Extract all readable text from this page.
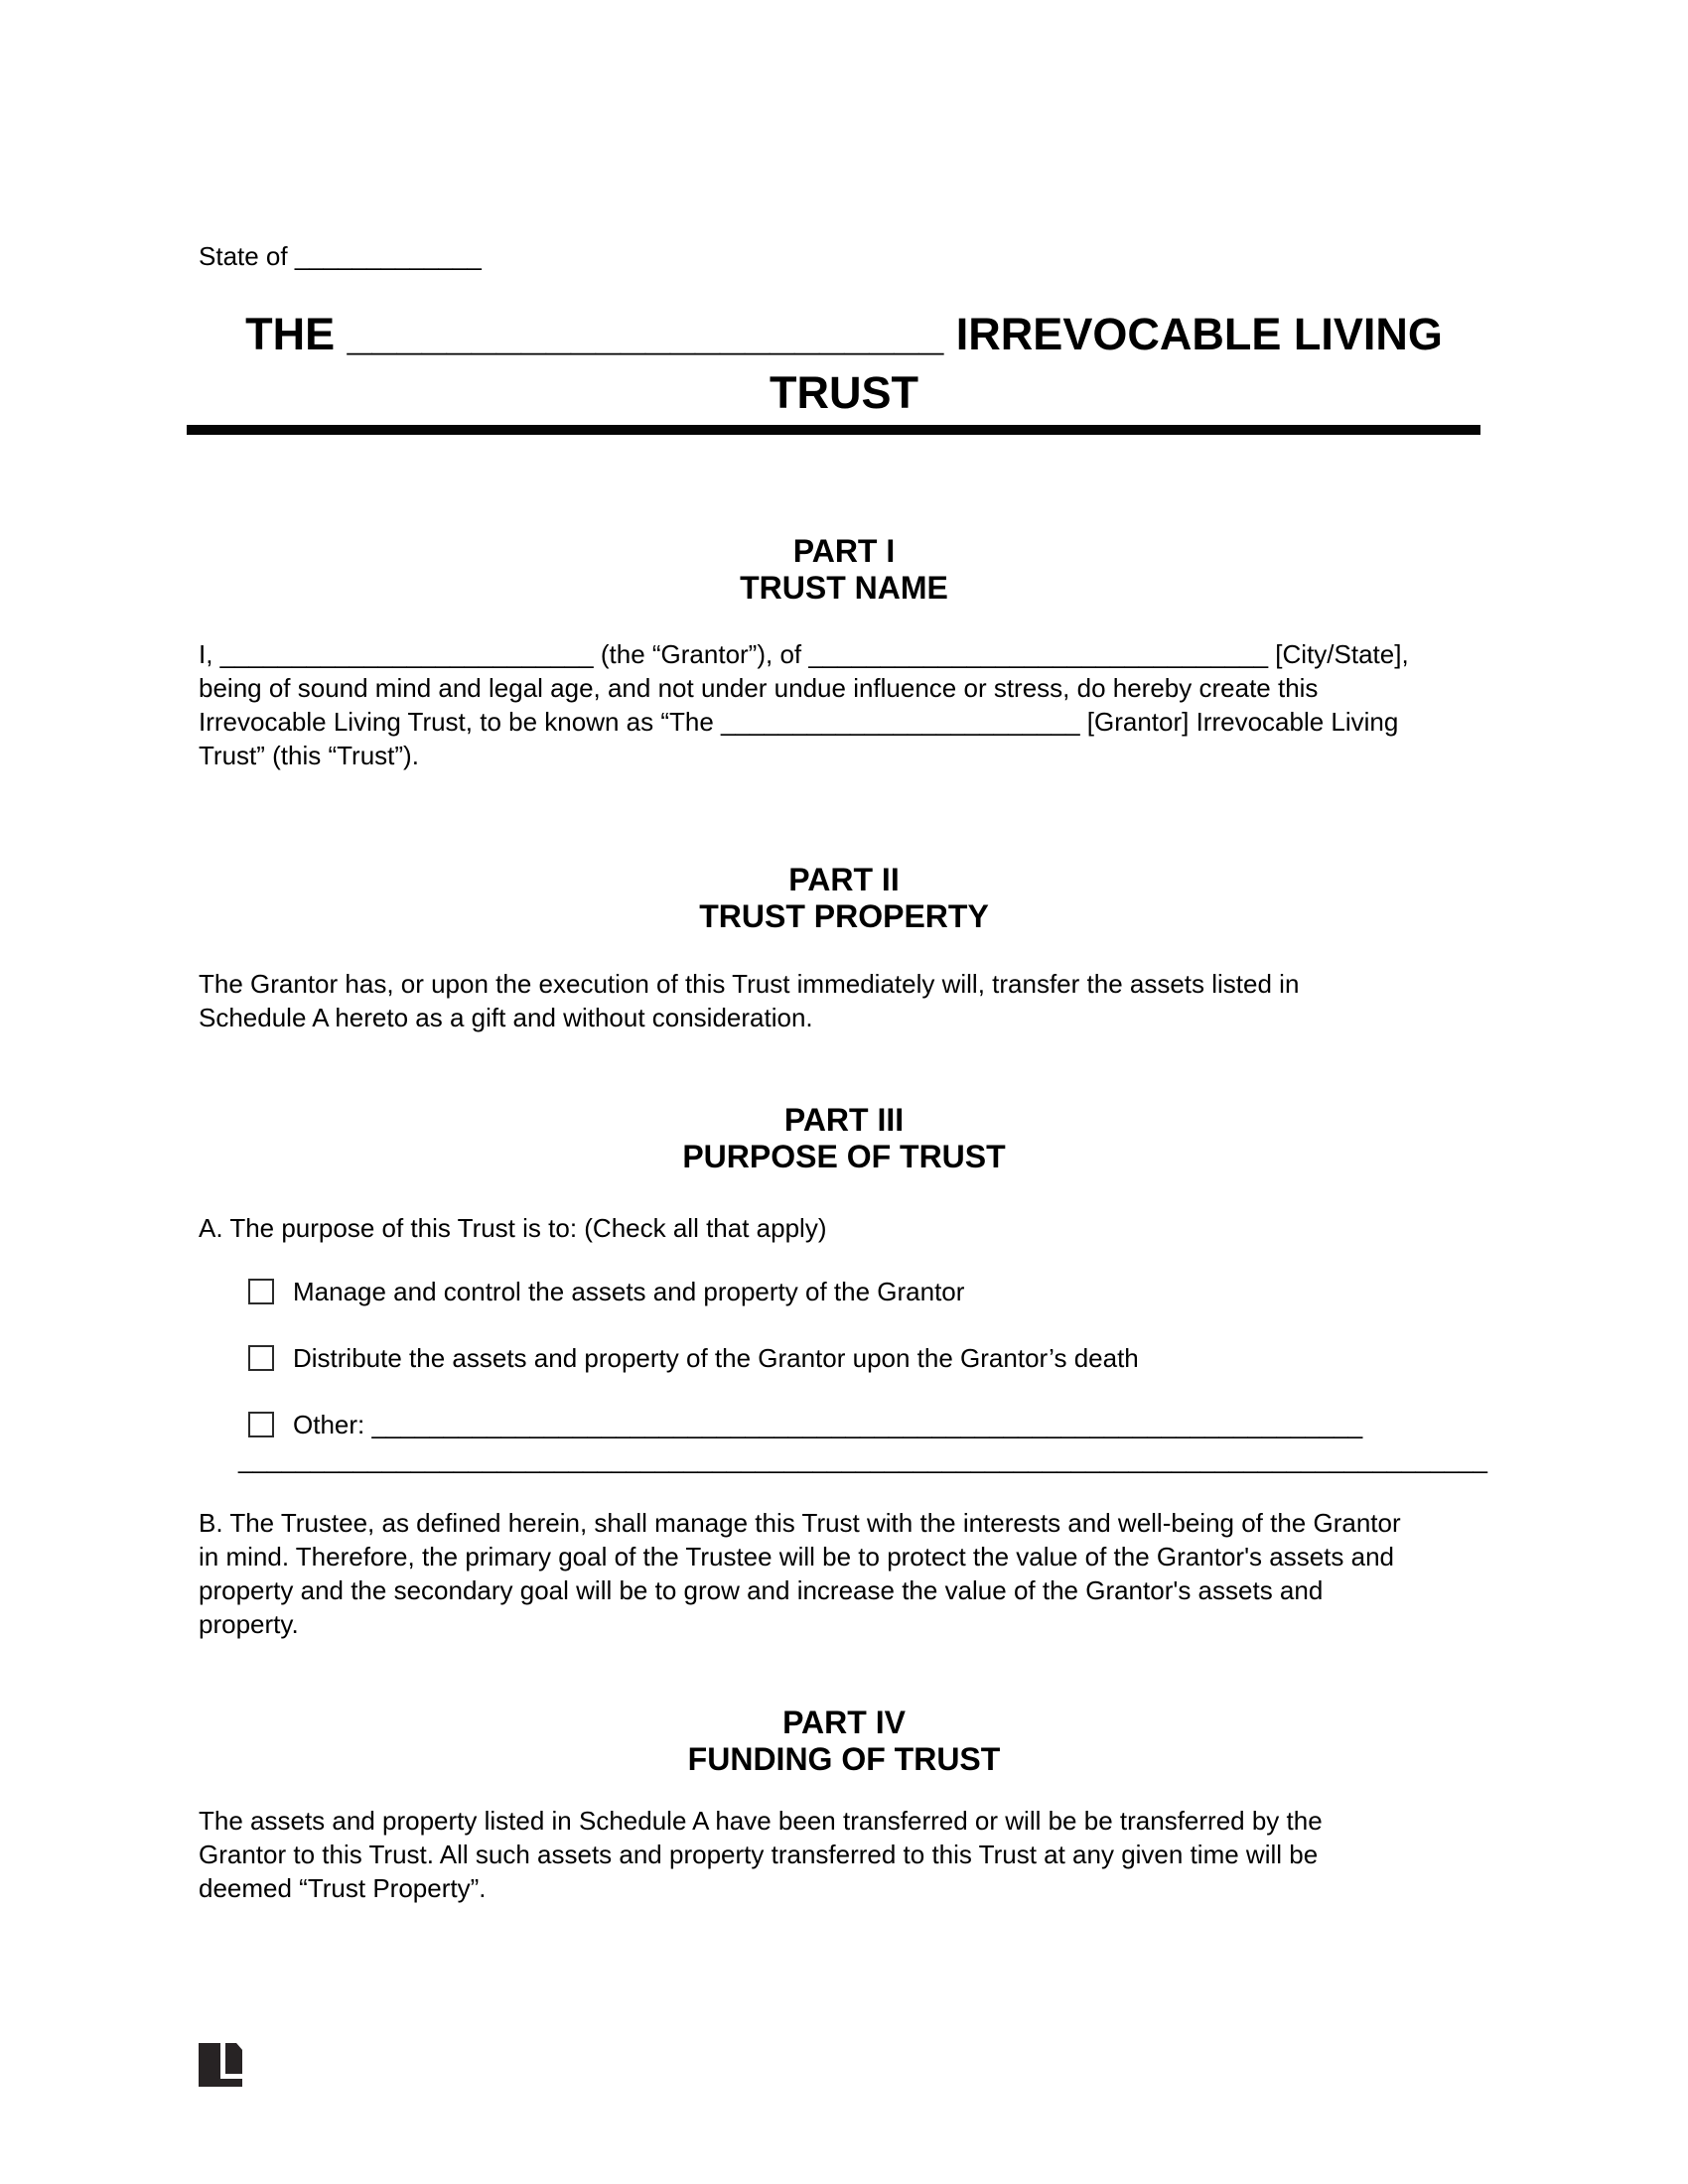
State of _____________
THE ________________________ IRREVOCABLE LIVING
TRUST
PART I
TRUST NAME

I, __________________________ (the “Grantor”), of ________________________________ [City/State],
being of sound mind and legal age, and not under undue influence or stress, do hereby create this
Irrevocable Living Trust, to be known as “The _________________________ [Grantor] Irrevocable Living
Trust” (this “Trust”).

PART II
TRUST PROPERTY

The Grantor has, or upon the execution of this Trust immediately will, transfer the assets listed in
Schedule A hereto as a gift and without consideration.

PART III
PURPOSE OF TRUST

A. The purpose of this Trust is to: (Check all that apply)

Manage and control the assets and property of the Grantor
Distribute the assets and property of the Grantor upon the Grantor’s death
Other: _____________________________________________________________________
_______________________________________________________________________________________

B. The Trustee, as defined herein, shall manage this Trust with the interests and well-being of the Grantor
in mind. Therefore, the primary goal of the Trustee will be to protect the value of the Grantor's assets and
property and the secondary goal will be to grow and increase the value of the Grantor's assets and
property.

PART IV
FUNDING OF TRUST

The assets and property listed in Schedule A have been transferred or will be be transferred by the
Grantor to this Trust. All such assets and property transferred to this Trust at any given time will be
deemed “Trust Property”.
